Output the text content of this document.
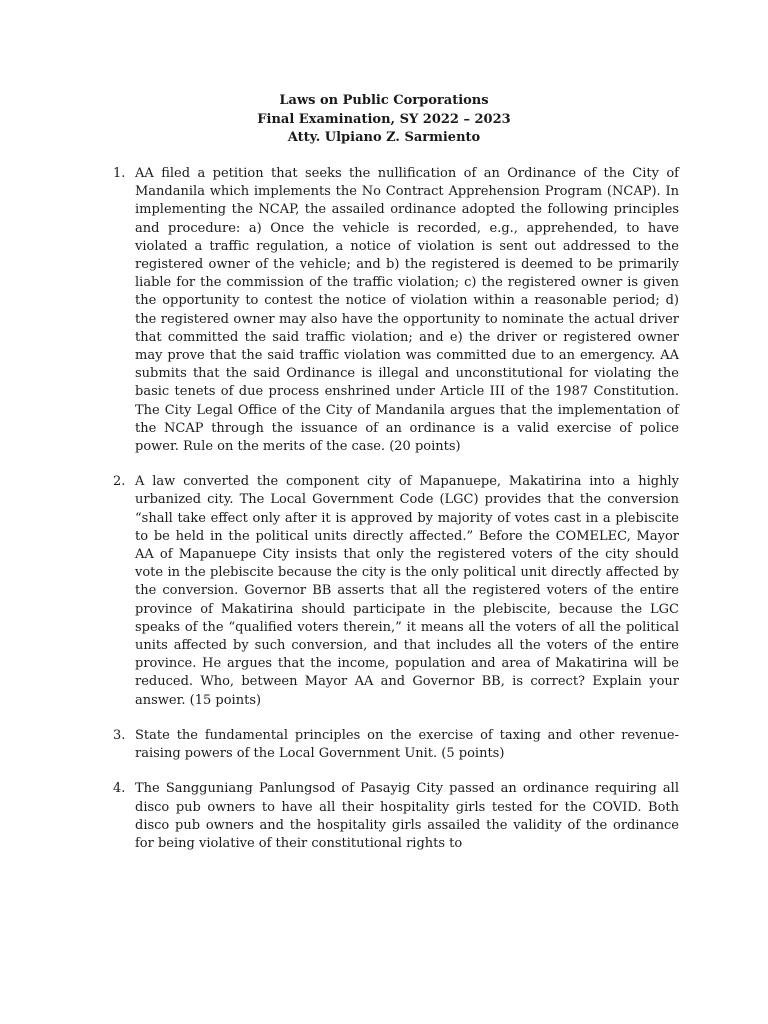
Laws on Public Corporations
Final Examination, SY 2022 – 2023
Atty. Ulpiano Z. Sarmiento
1. AA filed a petition that seeks the nullification of an Ordinance of the City of Mandanila which implements the No Contract Apprehension Program (NCAP). In implementing the NCAP, the assailed ordinance adopted the following principles and procedure: a) Once the vehicle is recorded, e.g., apprehended, to have violated a traffic regulation, a notice of violation is sent out addressed to the registered owner of the vehicle; and b) the registered is deemed to be primarily liable for the commission of the traffic violation; c) the registered owner is given the opportunity to contest the notice of violation within a reasonable period; d) the registered owner may also have the opportunity to nominate the actual driver that committed the said traffic violation; and e) the driver or registered owner may prove that the said traffic violation was committed due to an emergency. AA submits that the said Ordinance is illegal and unconstitutional for violating the basic tenets of due process enshrined under Article III of the 1987 Constitution. The City Legal Office of the City of Mandanila argues that the implementation of the NCAP through the issuance of an ordinance is a valid exercise of police power. Rule on the merits of the case. (20 points)
2. A law converted the component city of Mapanuepe, Makatirina into a highly urbanized city. The Local Government Code (LGC) provides that the conversion “shall take effect only after it is approved by majority of votes cast in a plebiscite to be held in the political units directly affected.” Before the COMELEC, Mayor AA of Mapanuepe City insists that only the registered voters of the city should vote in the plebiscite because the city is the only political unit directly affected by the conversion. Governor BB asserts that all the registered voters of the entire province of Makatirina should participate in the plebiscite, because the LGC speaks of the “qualified voters therein,” it means all the voters of all the political units affected by such conversion, and that includes all the voters of the entire province. He argues that the income, population and area of Makatirina will be reduced. Who, between Mayor AA and Governor BB, is correct? Explain your answer. (15 points)
3. State the fundamental principles on the exercise of taxing and other revenue-raising powers of the Local Government Unit. (5 points)
4. The Sangguniang Panlungsod of Pasayig City passed an ordinance requiring all disco pub owners to have all their hospitality girls tested for the COVID. Both disco pub owners and the hospitality girls assailed the validity of the ordinance for being violative of their constitutional rights to
